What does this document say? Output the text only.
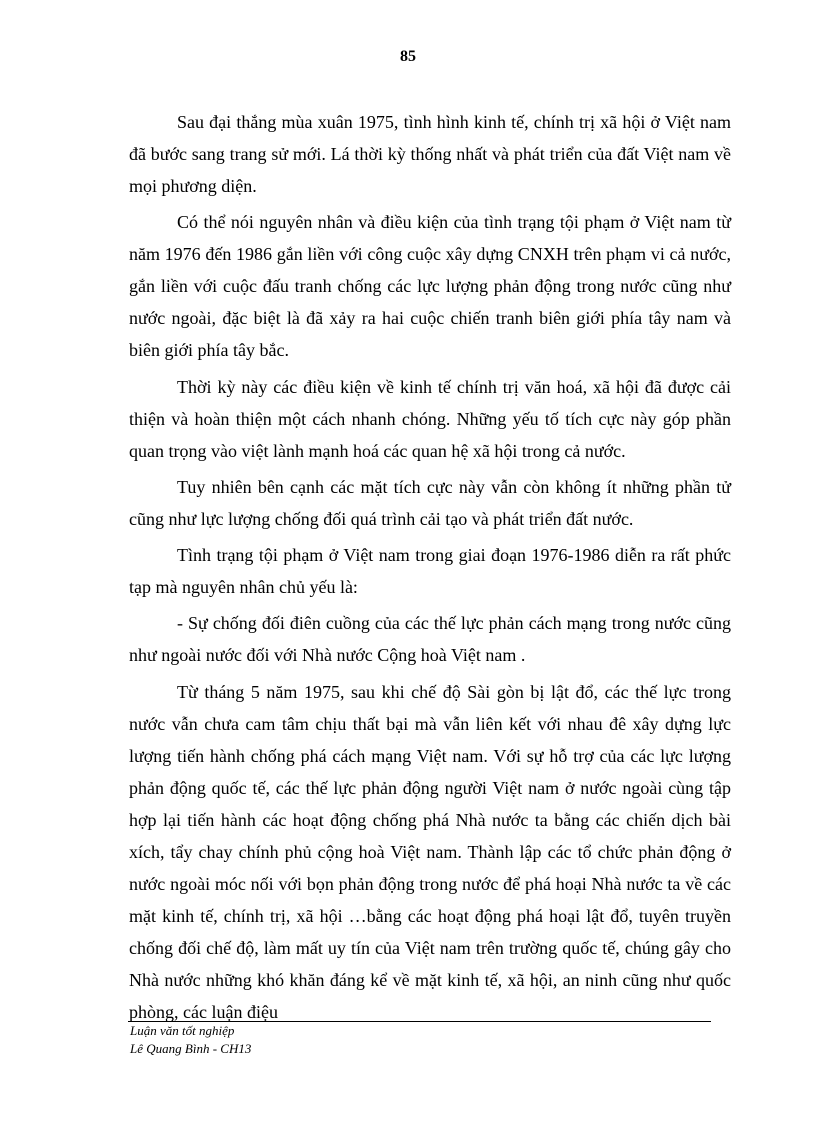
85

Sau đại thắng mùa xuân 1975, tình hình kinh tế, chính trị xã hội ở Việt nam đã bước sang trang sử mới. Lá thời kỳ thống nhất và phát triển của đất Việt nam về mọi phương diện.

Có thể nói nguyên nhân và điều kiện của tình trạng tội phạm ở Việt nam từ năm 1976 đến 1986 gắn liền với công cuộc xây dựng CNXH trên phạm vi cả nước, gắn liền với cuộc đấu tranh chống các lực lượng phản động trong nước cũng như nước ngoài, đặc biệt là đã xảy ra hai cuộc chiến tranh biên giới phía tây nam và biên giới phía tây bắc.

Thời kỳ này các điều kiện về kinh tế chính trị văn hoá, xã hội đã được cải thiện và hoàn thiện một cách nhanh chóng. Những yếu tố tích cực này góp phần quan trọng vào việt lành mạnh hoá các quan hệ xã hội trong cả nước.

Tuy nhiên bên cạnh các mặt tích cực này vẫn còn không ít những phần tử cũng như lực lượng chống đối quá trình cải tạo và phát triển đất nước.

Tình trạng tội phạm ở Việt nam trong giai đoạn 1976-1986 diễn ra rất phức tạp mà nguyên nhân chủ yếu là:

- Sự chống đối điên cuồng của các thế lực phản cách mạng trong nước cũng như ngoài nước đối với Nhà nước Cộng hoà Việt nam .

Từ tháng 5 năm 1975, sau khi chế độ Sài gòn bị lật đổ, các thế lực trong nước vẫn chưa cam tâm chịu thất bại mà vẫn liên kết với nhau đê xây dựng lực lượng tiến hành chống phá cách mạng Việt nam. Với sự hỗ trợ của các lực lượng phản động quốc tế, các thế lực phản động người Việt nam ở nước ngoài cùng tập hợp lại tiến hành các hoạt động chống phá Nhà nước ta bằng các chiến dịch bài xích, tẩy chay chính phủ cộng hoà Việt nam. Thành lập các tổ chức phản động ở nước ngoài móc nối với bọn phản động trong nước để phá hoại Nhà nước ta về các mặt kinh tế, chính trị, xã hội …bằng các hoạt động phá hoại lật đổ, tuyên truyền chống đối chế độ, làm mất uy tín của Việt nam trên trường quốc tế, chúng gây cho Nhà nước những khó khăn đáng kể về mặt kinh tế, xã hội, an ninh cũng như quốc phòng, các luận điệu

Luận văn tốt nghiệp
Lê Quang Bình - CH13
